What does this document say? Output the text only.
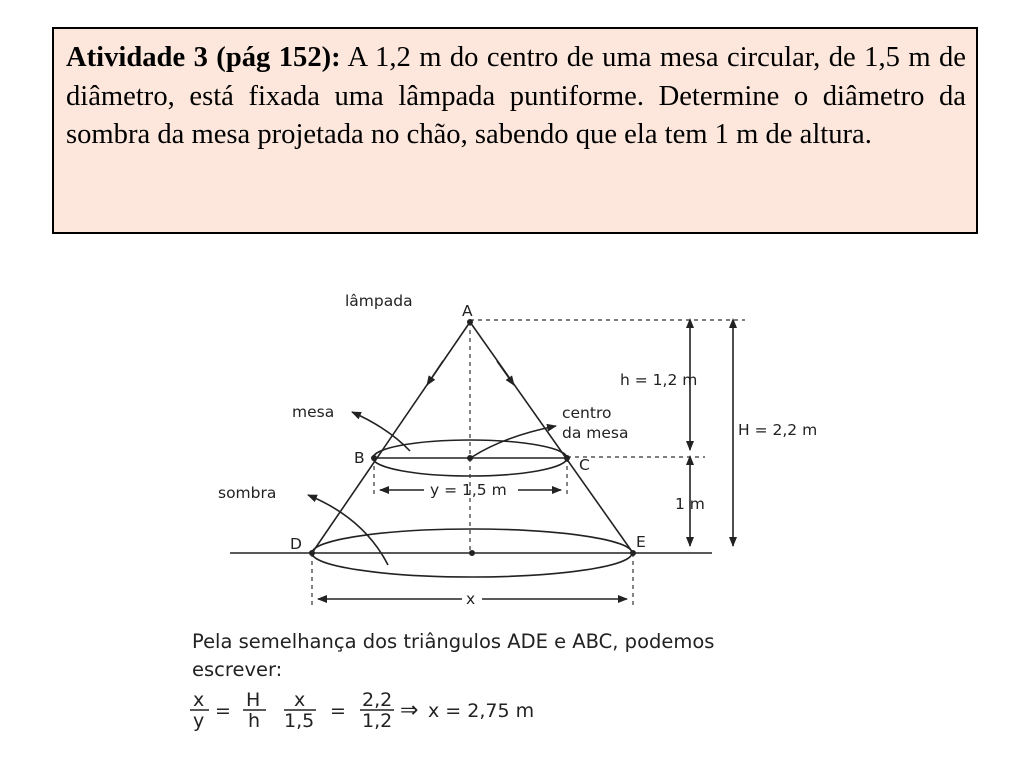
Atividade 3 (pág 152): A 1,2 m do centro de uma mesa circular, de 1,5 m de diâmetro, está fixada uma lâmpada puntiforme. Determine o diâmetro da sombra da mesa projetada no chão, sabendo que ela tem 1 m de altura.
lâmpada
A
mesa	centro
da mesa
B	C
sombra
D	E
h = 1,2 m
H = 2,2 m
1 m
y = 1,5 m
x
Pela semelhança dos triângulos ADE e ABC, podemos
escrever:
x
y = H
h
x
1,5 = 2,2
1,2 ⇒ x = 2,75 m
